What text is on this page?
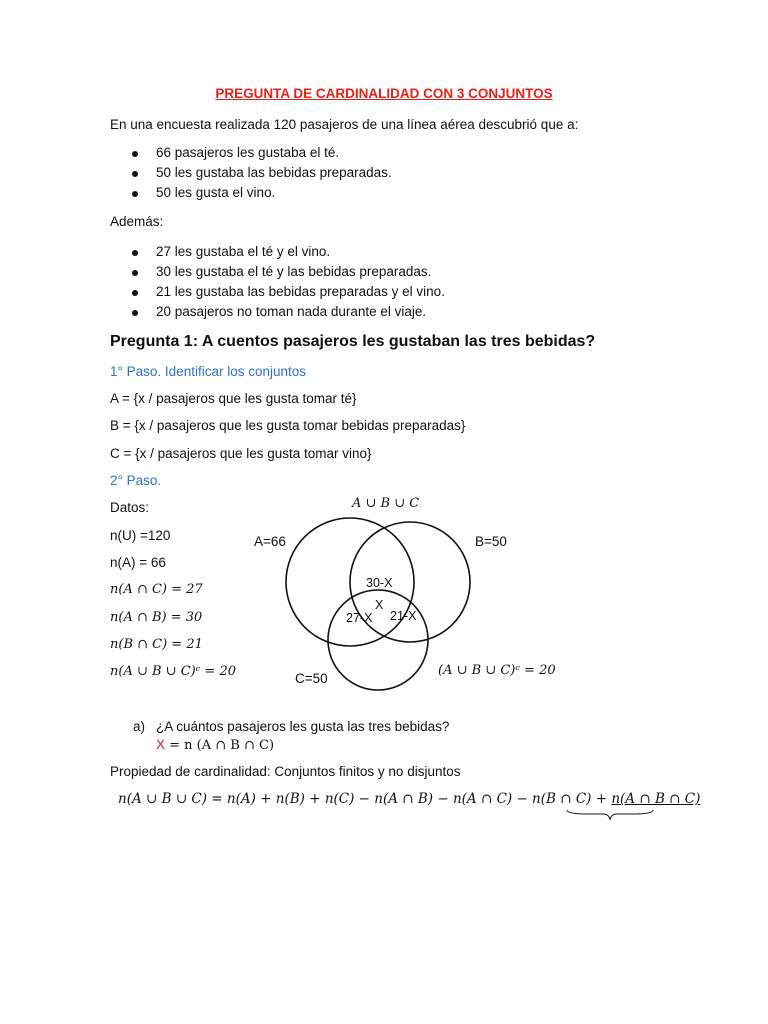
PREGUNTA DE CARDINALIDAD CON 3 CONJUNTOS
En una encuesta realizada 120 pasajeros de una línea aérea descubrió que a:
66 pasajeros les gustaba el té.
50 les gustaba las bebidas preparadas.
50 les gusta el vino.
Además:
27 les gustaba el té y el vino.
30 les gustaba el té y las bebidas preparadas.
21 les gustaba las bebidas preparadas y el vino.
20 pasajeros no toman nada durante el viaje.
Pregunta 1: A cuentos pasajeros les gustaban las tres bebidas?
1° Paso. Identificar los conjuntos
A = {x / pasajeros que les gusta tomar té}
B = {x / pasajeros que les gusta tomar bebidas preparadas}
C = {x / pasajeros que les gusta tomar vino}
2° Paso.
Datos:
n(U) =120
n(A) = 66
n(A ∩ C) = 27
n(A ∩ B) = 30
n(B ∩ C) = 21
n(A ∪ B ∪ C)ᶜ = 20
A ∪ B ∪ C
A=66	B=50
C=50
(A ∪ B ∪ C)ᶜ = 20
30-X
27-X 21-X
X
a) ¿A cuántos pasajeros les gusta las tres bebidas?
X = n (A ∩ B ∩ C)
Propiedad de cardinalidad: Conjuntos finitos y no disjuntos
n(A ∪ B ∪ C) = n(A) + n(B) + n(C) − n(A ∩ B) − n(A ∩ C) − n(B ∩ C) + n(A ∩ B ∩ C)
